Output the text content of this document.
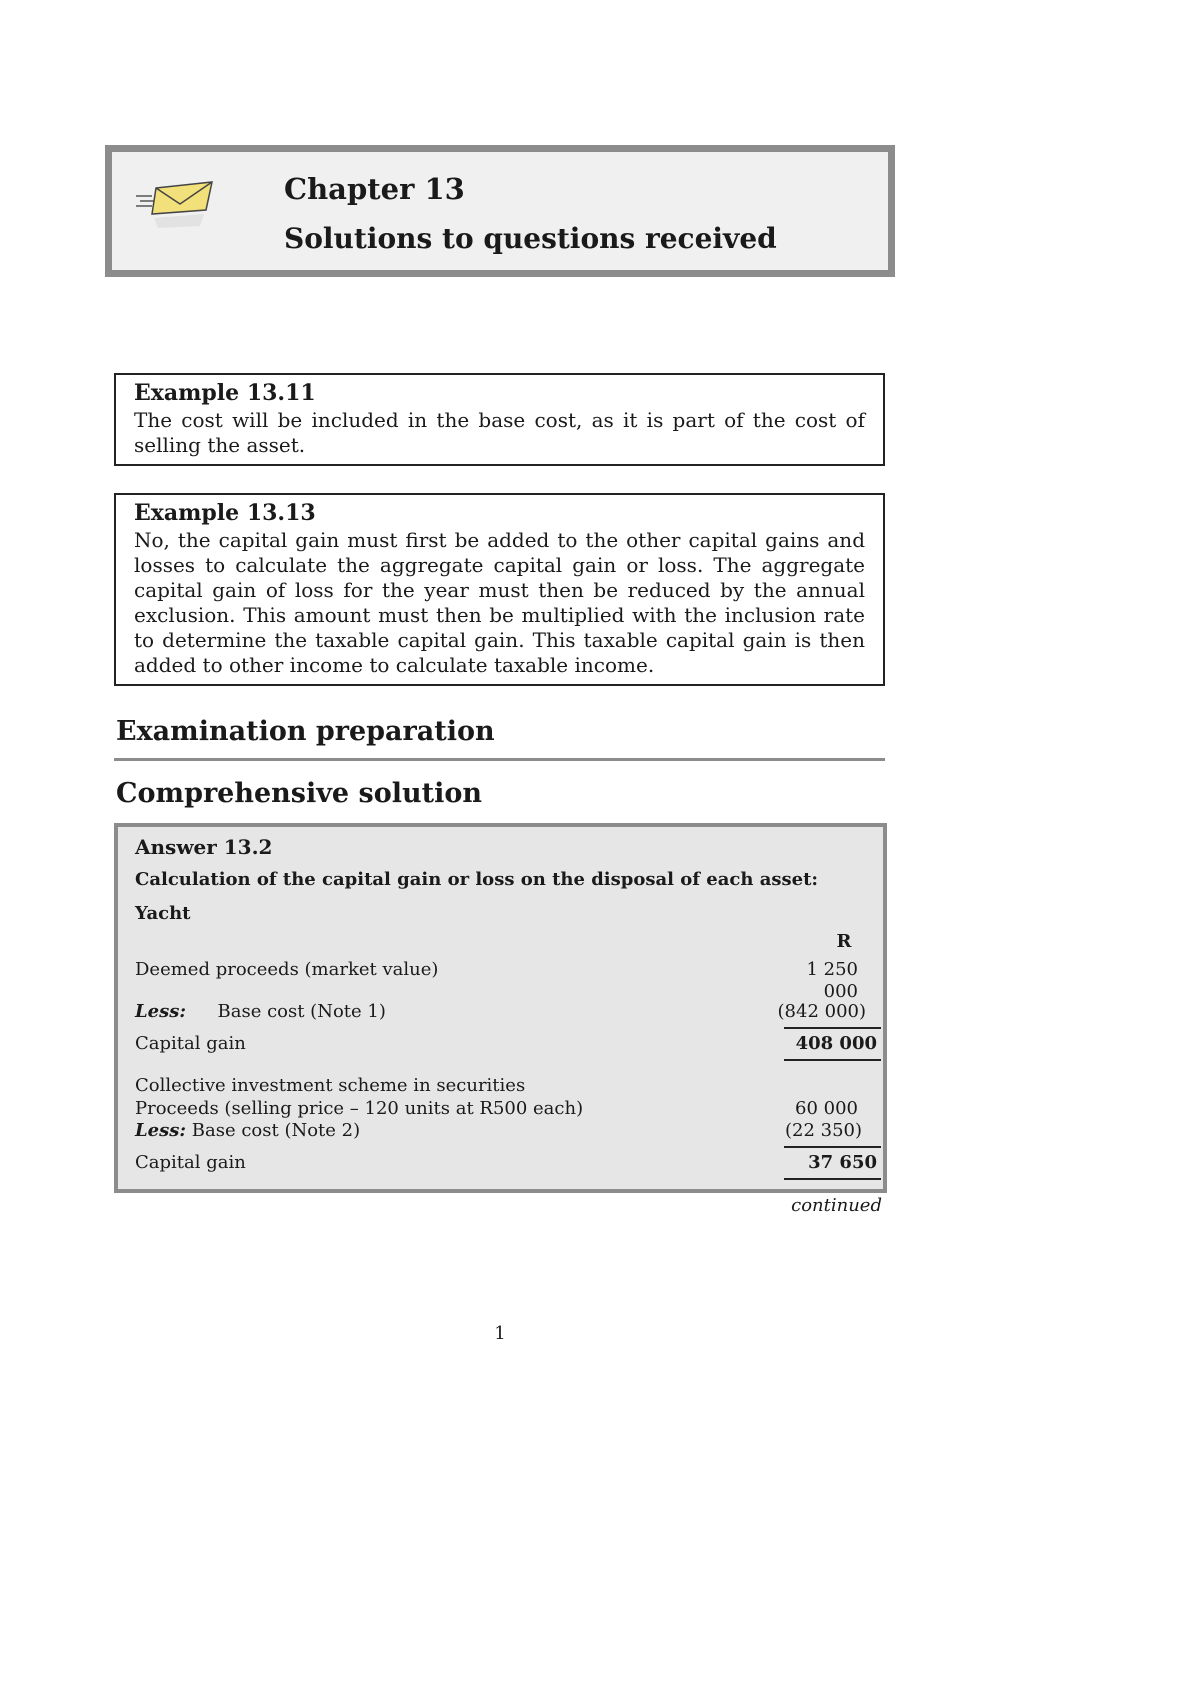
Chapter 13
Solutions to questions received
Example 13.11

The cost will be included in the base cost, as it is part of the cost of selling the asset.

Example 13.13

No, the capital gain must first be added to the other capital gains and losses to calculate the aggregate capital gain or loss. The aggregate capital gain of loss for the year must then be reduced by the annual exclusion. This amount must then be multiplied with the inclusion rate to determine the taxable capital gain. This taxable capital gain is then added to other income to calculate taxable income.

Examination preparation
Comprehensive solution
Answer 13.2
Calculation of the capital gain or loss on the disposal of each asset:
Yacht
R
Deemed proceeds (market value)	1 250
000
Less: Base cost (Note 1)	(842 000)
Capital gain	408 000
Collective investment scheme in securities
Proceeds (selling price – 120 units at R500 each)	60 000
Less: Base cost (Note 2)	(22 350)
Capital gain	37 650
continued
1
